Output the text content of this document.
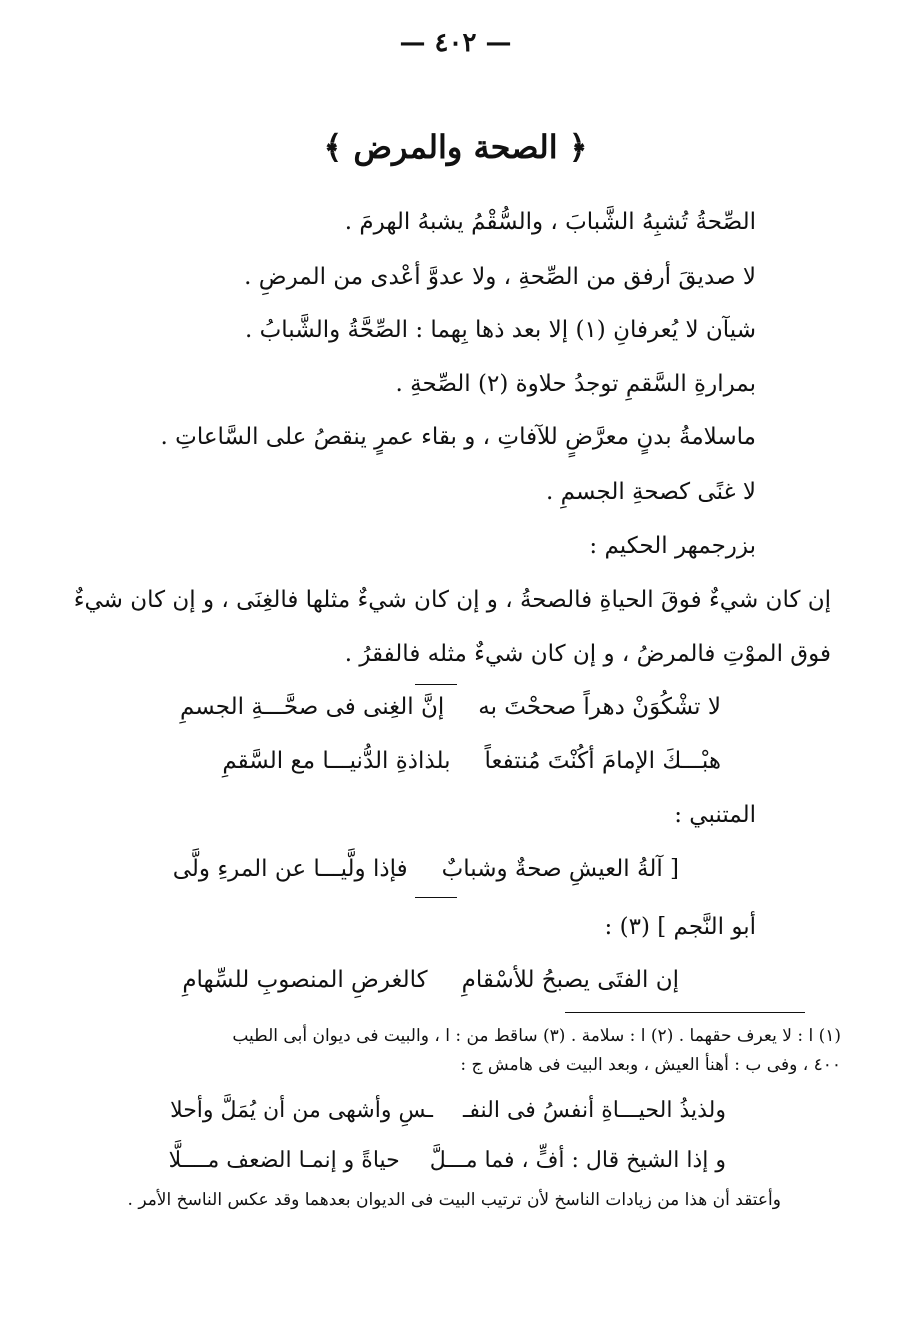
— ٤٠٢ —
﴿ الصحة والمرض ﴾
الصِّحةُ تُشبِهُ الشَّبابَ ، والسُّقْمُ يشبهُ الهرمَ .
لا صديقَ أرفق من الصِّحةِ ، ولا عدوَّ أعْدى من المرضِ .
شيآن لا يُعرفانِ (١) إلا بعد ذها بِهما : الصِّحَّةُ والشَّبابُ .
بمرارةِ السَّقمِ توجدُ حلاوة (٢) الصِّحةِ .
ماسلامةُ بدنٍ معرَّضٍ للآفاتِ ، و بقاء عمرٍ ينقصُ على السَّاعاتِ .
لا غنًى كصحةِ الجسمِ .
بزرجمهر الحكيم :
إن كان شيءٌ فوقَ الحياةِ فالصحةُ ، و إن كان شيءٌ مثلها فالغِنَى ، و إن كان شيءٌ
فوق الموْتِ فالمرضُ ، و إن كان شيءٌ مثله فالفقرُ .
لا تشْكُوَنْ دهراً صححْتَ به
إنَّ الغِنى فى صحَّـــةِ الجسمِ
هبْـــكَ الإمامَ أكُنْتَ مُنتفعاً
بلذاذةِ الدُّنيـــا مع السَّقمِ
المتنبي :
[ آلةُ العيشِ صحةٌ وشبابٌ
فإذا ولَّيـــا عن المرءِ ولَّى
أبو النَّجم ] (٣) :
إن الفتَى يصبحُ للأسْقامِ
كالغرضِ المنصوبِ للسِّهامِ
(١) ا : لا يعرف حقهما . (٢) ا : سلامة . (٣) ساقط من : ا ، والبيت فى ديوان أبى الطيب
٤٠٠ ، وفى ب : أهنأ العيش ، وبعد البيت فى هامش ج :
ولذيذُ الحيـــاةِ أنفسُ فى النفـ
ـسِ وأشهى من أن يُمَلَّ وأحلا
و إذا الشيخ قال : أفٍّ ، فما مـــلَّ
حياةً و إنمـا الضعف مــــلَّا
وأعتقد أن هذا من زيادات الناسخ لأن ترتيب البيت فى الديوان بعدهما وقد عكس الناسخ الأمر .
